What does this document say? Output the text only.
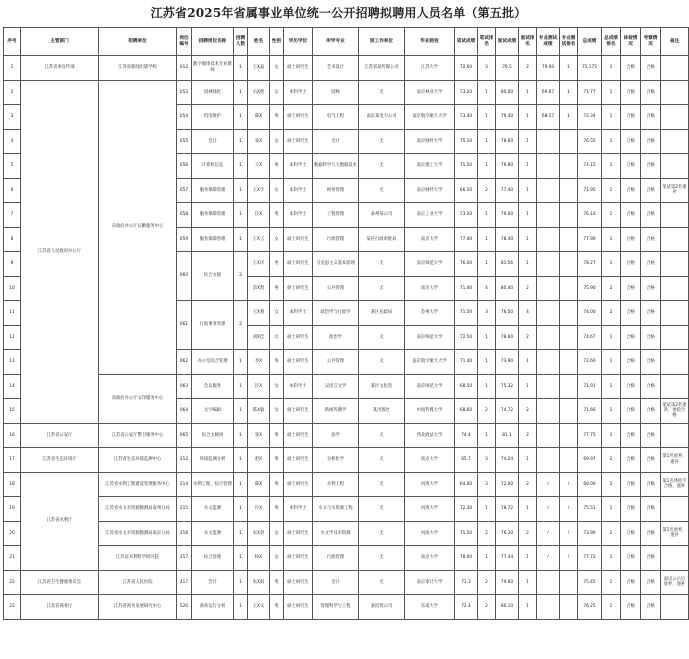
江苏省2025年省属事业单位统一公开招聘拟聘用人员名单（第五批）
序号	主管部门	招聘单位	岗位编号	招聘岗位名称	招聘人数	姓名	性别	学历学位	所学专业	原工作单位	毕业院校	笔试成绩	笔试排名	面试成绩	面试排名	专业测试成绩	专业测试排名	总成绩	总成绩排名	体检情况	考察情况	备注
1	江苏省委宣传部	江苏省新闻出版学校	012	数字媒体技术专业教师	1	王X晶	女	硕士研究生	艺术设计	江苏省某传媒公司	江苏大学	72.60	3	76.5	2	79.00	1	75.175	1	合格	合格	
2	江苏省人民政府办公厅	省政府办公厅后勤服务中心	053	园林绿化	1	石X艳	女	本科学士	园林	无	南京林业大学	73.20	1	80.00	1	69.67	1	71.77	1	合格	合格	
3			054	机电维护	1	陈X	男	硕士研究生	电气工程	南京某电力公司	南京航空航天大学	73.40	1	79.40	1	68.17	1	72.34	1	合格	合格	
4			055	会计	1	张X	女	硕士研究生	会计	无	南京财经大学	75.10	1	78.60	1			76.55	1	合格	合格	
5			056	计算机信息	1	王X	男	本科学士	数据科学与大数据技术	无	南京理工大学	71.50	1	76.80	1			74.15	1	合格	合格	
6			057	服务保障管理	1	王X宇	女	本科学士	财务管理	无	南京财经大学	66.50	2	77.40	1			71.95	1	合格	合格	笔试第2名递补
7			058	服务保障管理	1	汪X	男	本科学士	工程管理	泰州某公司	南京工业大学	73.20	1	79.00	1			76.10	1	合格	合格	
8			059	服务保障管理	1	王X云	女	硕士研究生	行政管理	某区行政审批局	南京大学	77.40	1	78.40	1			77.90	1	合格	合格	
9			060	综合文秘	2	王X洋	男	硕士研究生	马克思主义基本原理	无	南京师范大学	76.00	1	81.56	1			78.27	1	合格	合格	
10						余X凯	男	硕士研究生	公共管理	无	南京大学	71.40	4	80.40	2			75.90	2	合格	合格	
11			061	行政事务管理	2	王X燕	女	本科学士	政治学与行政学	某区民政局	苏州大学	71.50	3	76.50	4			74.00	2	合格	合格	
12						刘X佳	女	硕士研究生	政治学	无	南京师范大学	72.50	1	78.60	2			74.67	1	合格	合格	
13			062	办公室综合管理	1	李X	男	硕士研究生	公共管理	无	南京航空航天大学	71.40	1	73.90	1			72.60	1	合格	合格	
14		省政府办公厅文印服务中心	063	会议服务	1	汪X	女	本科学士	汉语言文学	某区文化馆	南京师范大学	68.50	1	75.32	1			71.91	1	合格	合格	
15			064	文字编辑	1	陈X敏	女	硕士研究生	新闻传播学	某出版社	中国传媒大学	68.60	2	74.72	2			71.66	1	合格	合格	笔试第2名递补，体检合格
16	江苏省公安厅	江苏省公安厅警卫服务中心	065	综合文秘岗	1	张X	男	硕士研究生	法学	无	西北政法大学	74.4	1	81.1	2			77.75	1	合格	合格	
17	江苏省生态环境厅	江苏省生态环境监测中心	212	环境监测分析	1	赵X	男	硕士研究生	分析化学	无	南京大学	65.7	3	74.24	1			69.97	2	合格	合格	第1名放弃，递补
18	江苏省水利厅	江苏省水利工程建设管理服务中心	214	水利工程、综合管理	1	陈X	男	硕士研究生	水利工程	无	河海大学	64.00	3	72.00	2	/	/	68.00	2	合格	合格	第1名体检不合格，递补
19		江苏省水文水资源勘测局泰州分局	215	水文监测	1	许X	男	本科学士	水文与水资源工程	无	河海大学	72.30	1	78.72	1	/	/	75.51	1	合格	合格	
20		江苏省水文水资源勘测局南京分局	216	水文监测	1	宋X晨	女	硕士研究生	水文学及水资源	无	河海大学	71.50	2	76.30	2	/	/	73.90	2	合格	合格	第1名放弃，递补
21		江苏省水利科学研究院	217	综合管理	1	杨X	女	硕士研究生	行政管理	无	南京大学	78.00	1	77.44	1	/	/	77.72	1	合格	合格	
22	江苏省卫生健康委员会	江苏省人民医院	417	会计	1	朱X阳	男	硕士研究生	会计	无	南京审计大学	71.3	2	79.60	1			75.45	1	合格	合格	面试公示后放弃，递补
23	江苏省商务厅	江苏省商务发展研究中心	520	商务运行分析	1	王X文	男	硕士研究生	管理科学与工程	某投资公司	东南大学	72.4	2	80.10	1			76.25	1	合格	合格	
